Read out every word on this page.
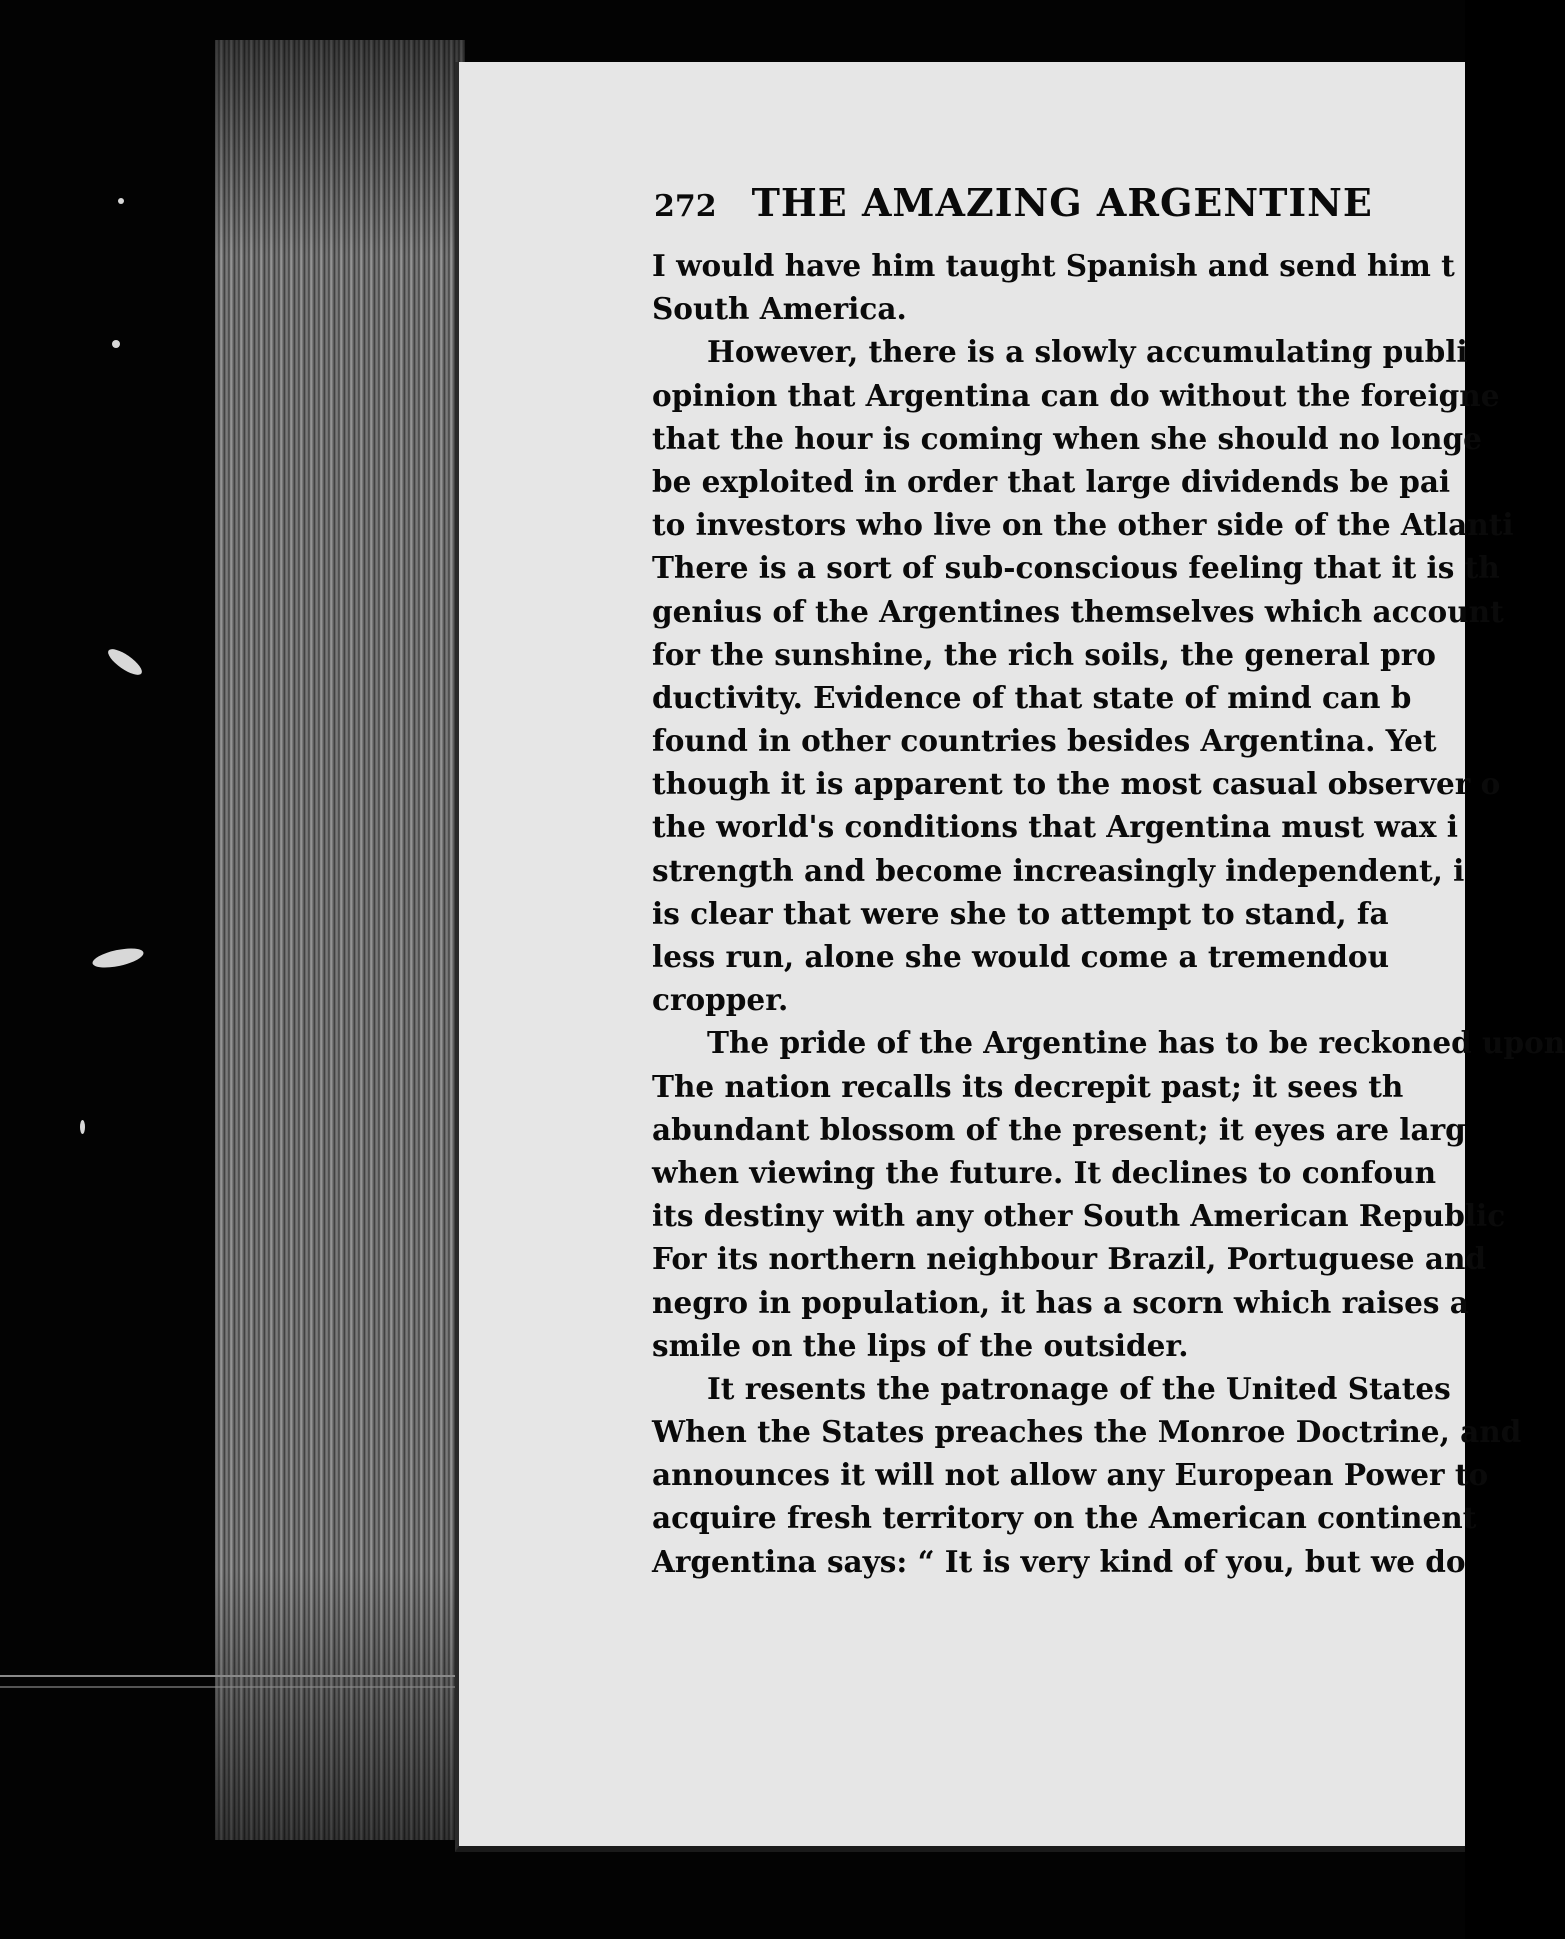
272 THE AMAZING ARGENTINE
I would have him taught Spanish and send him t
South America.
However, there is a slowly accumulating publi
opinion that Argentina can do without the foreigne
that the hour is coming when she should no longe
be exploited in order that large dividends be pai
to investors who live on the other side of the Atlanti
There is a sort of sub-conscious feeling that it is th
genius of the Argentines themselves which account
for the sunshine, the rich soils, the general pro
ductivity. Evidence of that state of mind can b
found in other countries besides Argentina. Yet
though it is apparent to the most casual observer o
the world's conditions that Argentina must wax i
strength and become increasingly independent, i
is clear that were she to attempt to stand, fa
less run, alone she would come a tremendou
cropper.
The pride of the Argentine has to be reckoned upon
The nation recalls its decrepit past; it sees th
abundant blossom of the present; it eyes are larg
when viewing the future. It declines to confoun
its destiny with any other South American Republic
For its northern neighbour Brazil, Portuguese and
negro in population, it has a scorn which raises a
smile on the lips of the outsider.
It resents the patronage of the United States
When the States preaches the Monroe Doctrine, and
announces it will not allow any European Power to
acquire fresh territory on the American continent
Argentina says: “ It is very kind of you, but we do
